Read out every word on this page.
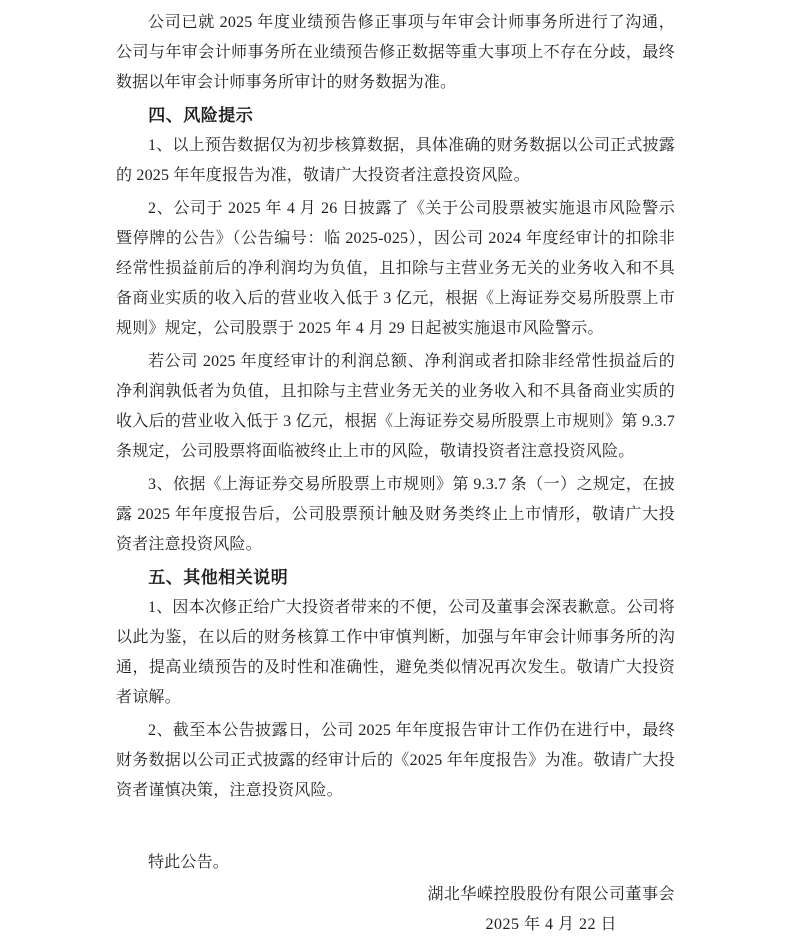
公司已就 2025 年度业绩预告修正事项与年审会计师事务所进行了沟通，公司与年审会计师事务所在业绩预告修正数据等重大事项上不存在分歧，最终数据以年审会计师事务所审计的财务数据为准。

四、风险提示

1、以上预告数据仅为初步核算数据，具体准确的财务数据以公司正式披露的 2025 年年度报告为准，敬请广大投资者注意投资风险。

2、公司于 2025 年 4 月 26 日披露了《关于公司股票被实施退市风险警示暨停牌的公告》（公告编号：临 2025-025），因公司 2024 年度经审计的扣除非经常性损益前后的净利润均为负值，且扣除与主营业务无关的业务收入和不具备商业实质的收入后的营业收入低于 3 亿元，根据《上海证券交易所股票上市规则》规定，公司股票于 2025 年 4 月 29 日起被实施退市风险警示。

若公司 2025 年度经审计的利润总额、净利润或者扣除非经常性损益后的净利润孰低者为负值，且扣除与主营业务无关的业务收入和不具备商业实质的收入后的营业收入低于 3 亿元，根据《上海证券交易所股票上市规则》第 9.3.7 条规定，公司股票将面临被终止上市的风险，敬请投资者注意投资风险。

3、依据《上海证券交易所股票上市规则》第 9.3.7 条（一）之规定，在披露 2025 年年度报告后，公司股票预计触及财务类终止上市情形，敬请广大投资者注意投资风险。

五、其他相关说明

1、因本次修正给广大投资者带来的不便，公司及董事会深表歉意。公司将以此为鉴，在以后的财务核算工作中审慎判断，加强与年审会计师事务所的沟通，提高业绩预告的及时性和准确性，避免类似情况再次发生。敬请广大投资者谅解。

2、截至本公告披露日，公司 2025 年年度报告审计工作仍在进行中，最终财务数据以公司正式披露的经审计后的《2025 年年度报告》为准。敬请广大投资者谨慎决策，注意投资风险。

特此公告。

湖北华嵘控股股份有限公司董事会
2025 年 4 月 22 日
